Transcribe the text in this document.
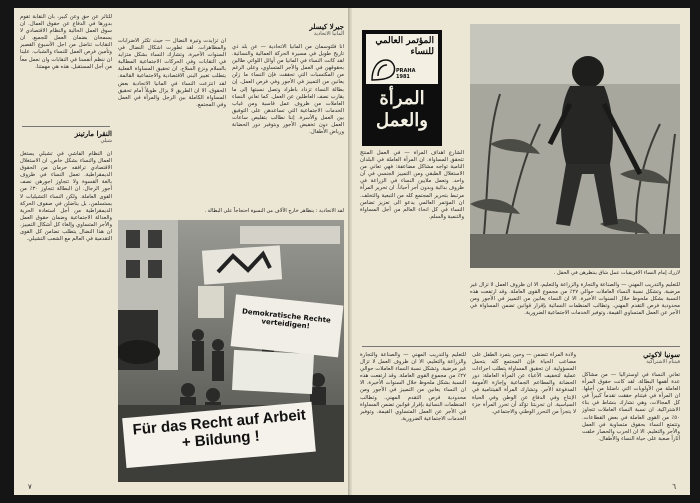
للتأثر عن حق وعن كبير، بأن النقابة تقوم بدورها في الدفاع عن حقوق العمال. ان سوق العمل الحالية والنظام الاقتصادي لا يسمحان بضمان العمل للجميع. ان النقابات تناضل من اجل الأسبوع القصير وتأمين فرص العمل للنساء والشباب. علينا ان ننظم أنفسنا في النقابات وان نعمل معاً من أجل المستقبل. هذه هي مهمتنا.

النقرا مارتينز
شيلي

ان النظام الفاشي في تشيلي يستغل العمال والنساء بشكل خاص. ان الاستغلال الاقتصادي ترافقه حرمان من الحقوق الديمقراطية. تعمل النساء في ظروف بالغة القسوة ولا تتجاوز اجورهن نصف أجور الرجال. ان البطالة تتجاوز ٣٠٪ من القوى العاملة. ولكن النساء التشيليات لا يستسلمن، بل يناضلن في صفوف الحركة الديمقراطية من أجل استعادة الحرية والعدالة الاجتماعية وضمان حقوق العمل والأجر المتساوي وإلغاء كل أشكال التمييز. ان هذا النضال يتطلب تضامن كل القوى التقدمية في العالم مع الشعب التشيلي.

جيرلا كيسلر
ألمانيا الاتحادية

انا فلتوسمان من ألمانيا الاتحادية — عن بلد ذي تاريخ طويل في مسيرة الحركة العمالية والنسائية. لقد كانت النساء في المانيا من أوائل اللواتي طالبن بحقوقهن في العمل والأجر المتساوي، وعلى الرغم من المكتسبات التي تحققت فإن النساء ما زلن يعانين من التمييز في الأجور وفي فرص العمل. إن بطالة النساء تزداد باطراد وتصل نسبتها إلى ما يقارب نصف العاطلين عن العمل. كما تعاني النساء العاملات من ظروف عمل قاسية ومن غياب الخدمات الاجتماعية التي تساعدهن على التوفيق بين العمل والأسرة. إننا نطالب بتقليص ساعات العمل دون تخفيض الأجور وبتوفير دور الحضانة ورياض الأطفال.

ان تزايدت وتيرة النضال — حيث تكثر الاضرابات والمظاهرات. لقد تطورت اشكال النضال في السنوات الأخيرة. وتشارك النساء بشكل متزايد في النقابات وفي الحركات الاجتماعية المطالبة بالسلام ونزع السلاح. ان تحقيق المساواة الفعلية يتطلب تغيير البنى الاقتصادية والاجتماعية القائمة. لقد انتزعت النساء في المانيا الاتحادية بعض الحقوق، الا ان الطريق لا يزال طويلاً أمام تحقيق المساواة الكاملة بين الرجل والمرأة في العمل وفي المجتمع.

لقد الاتحادية : يتظاهر خارج الألاف من النسوة احتجاجاً على البطالة .
Demokratische Rechte verteidigen!
Für das Recht auf Arbeit + Bildung !
٧
المؤتمر العالمي
للنساء
PRAHA
1981
المرأة والعمل
لازرك إمام النساء الافريقيات عمل شاق ينتظرهن في الحقل .

الشارع أهداف المرأة — في العمل المنتج تتحقق المساواة. ان المرأة العاملة في البلدان النامية تواجه مشاكل مضاعفة: فهي تعاني من الاستغلال الطبقي ومن التمييز الجنسي في آن واحد. وتعمل ملايين النساء في الزراعة في ظروف بدائية وبدون أجر أحياناً. ان تحرير المرأة مرتبط بتحرير المجتمع كله من التبعية والتخلف. ان المؤتمر العالمي يدعو الى تعزيز تضامن النساء في كل انحاء العالم من أجل المساواة والتنمية والسلم.

للتعليم والتدريب المهني — والصناعة والتجارة والزراعة والتعليم، الا ان ظروف العمل لا تزال غير مرضية. وتشكل نسبة النساء العاملات حوالي ٢٧٪ من مجموع القوى العاملة. وقد ارتفعت هذه النسبة بشكل ملحوظ خلال السنوات الأخيرة. الا ان النساء يعانين من التمييز في الأجور ومن محدودية فرص التقدم المهني. وتطالب المنظمات النسائية بإقرار قوانين تضمن المساواة في الأجر عن العمل المتساوي القيمة، وتوفير الخدمات الاجتماعية الضرورية.

سونيا لاكوتي
فيتنام الاشتراكية

تعاني النساء في اوستراليا — من مشاكل عدة أهمها البطالة. لقد كانت حقوق المرأة العاملة من الأولويات التي ناضلنا من أجلها. ان المرأة في فيتنام حققت تقدماً كبيراً في كل المجالات، وهي تشارك بنشاط في بناء الاشتراكية. ان نسبة النساء العاملات تتجاوز ٥٠٪ من القوى العاملة في بعض القطاعات. وتتمتع النساء بحقوق متساوية في العمل والأجر والتعليم. الا ان الحرب والحصار خلفت آثاراً صعبة على حياة النساء والأطفال.

ولادة المرأة تتضمن — وحين يتمرد الطفل على مصاعب الحياة فإن المجتمع كله يتحمل المسؤولية. ان تحقيق المساواة يتطلب اجراءات عملية لتخفيف الأعباء عن المرأة العاملة: دور الحضانة والمطاعم الجماعية وإجازة الأمومة المدفوعة الأجر. وتشارك المرأة الفيتنامية في الإنتاج وفي الدفاع عن الوطن وفي الحياة السياسية. ان تجربتنا تؤكد أن تحرر المرأة جزء لا يتجزأ من التحرر الوطني والاجتماعي.

للتعليم والتدريب المهني — والصناعة والتجارة والزراعة والتعليم، الا ان ظروف العمل لا تزال غير مرضية. وتشكل نسبة النساء العاملات حوالي ٢٧٪ من مجموع القوى العاملة. وقد ارتفعت هذه النسبة بشكل ملحوظ خلال السنوات الأخيرة. الا ان النساء يعانين من التمييز في الأجور ومن محدودية فرص التقدم المهني. وتطالب المنظمات النسائية بإقرار قوانين تضمن المساواة في الأجر عن العمل المتساوي القيمة، وتوفير الخدمات الاجتماعية الضرورية.

٦
